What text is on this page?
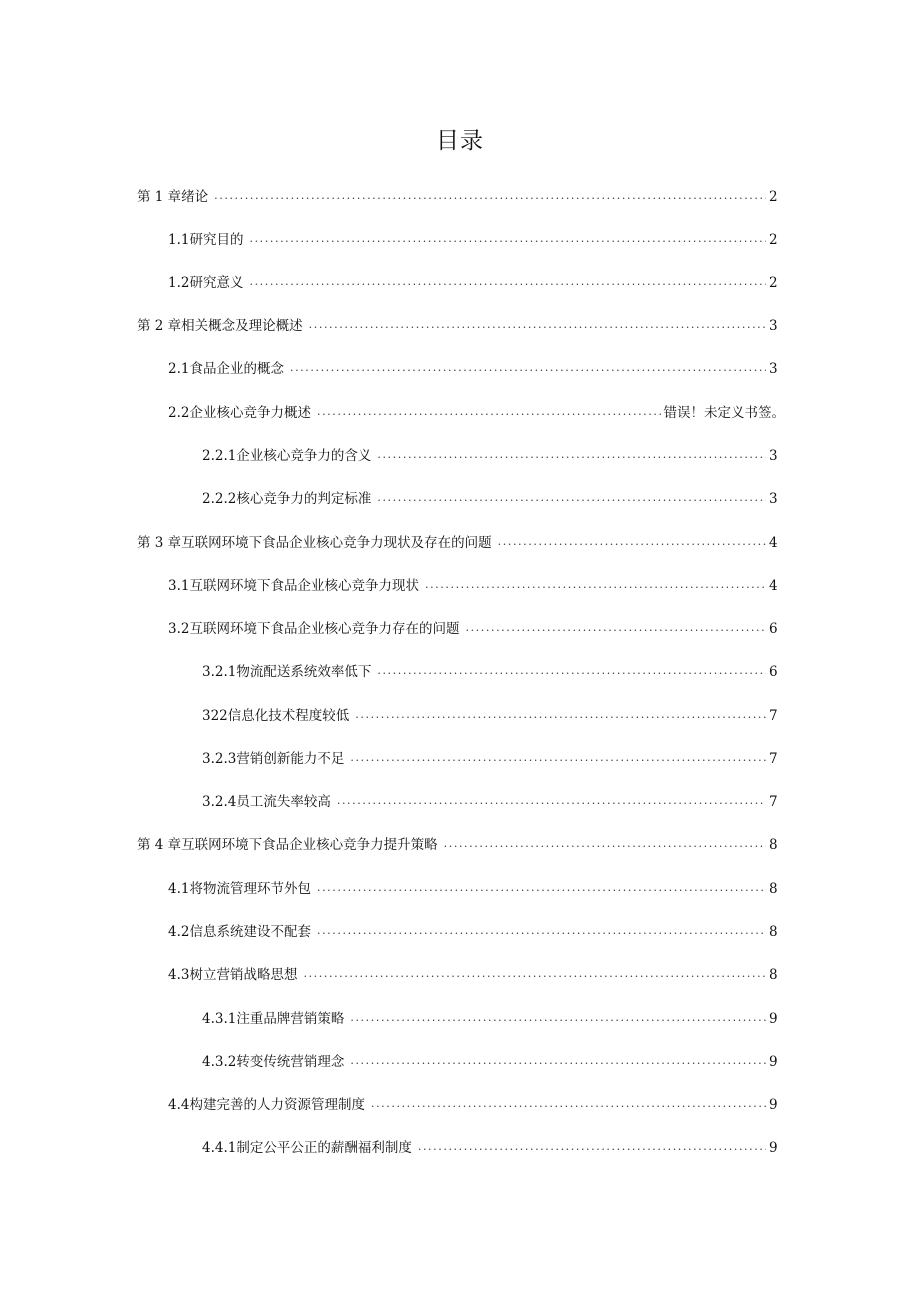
目录
第 1 章 绪论 .....	2
1.1 研究目的 .....	2
1.2 研究意义 .....	2
第 2 章 相关概念及理论概述 .....	3
2.1 食品企业的概念 .....	3
2.2 企业核心竞争力概述 .....	错误！未定义书签。
2.2.1 企业核心竞争力的含义 .....	3
2.2.2 核心竞争力的判定标准 .....	3
第 3 章 互联网环境下食品企业核心竞争力现状及存在的问题 .....	4
3.1 互联网环境下食品企业核心竞争力现状 .....	4
3.2 互联网环境下食品企业核心竞争力存在的问题 .....	6
3.2.1 物流配送系统效率低下 .....	6
322 信息化技术程度较低 .....	7
3.2.3 营销创新能力不足 .....	7
3.2.4 员工流失率较高 .....	7
第 4 章 互联网环境下食品企业核心竞争力提升策略 .....	8
4.1 将物流管理环节外包 .....	8
4.2 信息系统建设不配套 .....	8
4.3 树立营销战略思想 .....	8
4.3.1 注重品牌营销策略 .....	9
4.3.2 转变传统营销理念 .....	9
4.4 构建完善的人力资源管理制度 .....	9
4.4.1 制定公平公正的薪酬福利制度 .....	9
